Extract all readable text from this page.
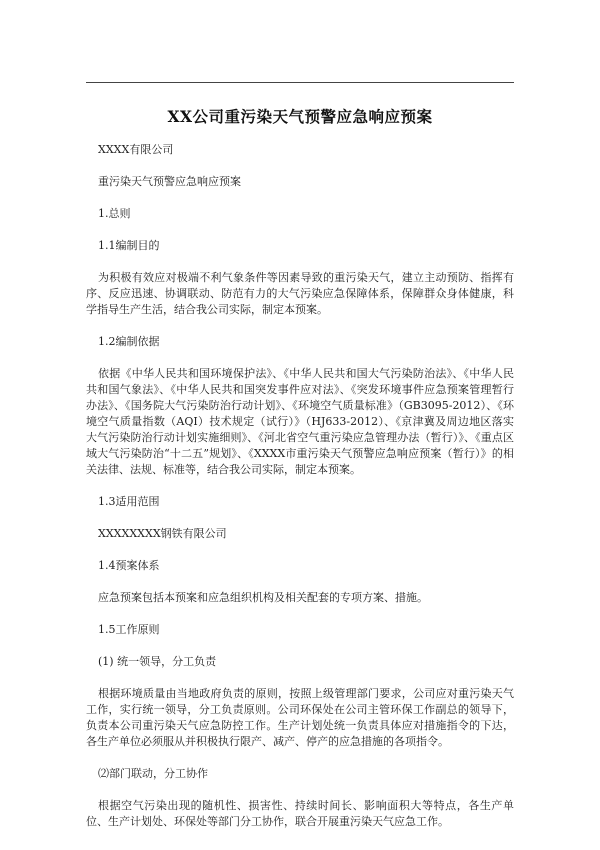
XX公司重污染天气预警应急响应预案

XXXX有限公司

重污染天气预警应急响应预案

1.总则

1.1编制目的

为积极有效应对极端不利气象条件等因素导致的重污染天气，建立主动预防、指挥有序、反应迅速、协调联动、防范有力的大气污染应急保障体系，保障群众身体健康，科学指导生产生活，结合我公司实际，制定本预案。

1.2编制依据

依据《中华人民共和国环境保护法》、《中华人民共和国大气污染防治法》、《中华人民共和国气象法》、《中华人民共和国突发事件应对法》、《突发环境事件应急预案管理暂行办法》、《国务院大气污染防治行动计划》、《环境空气质量标准》（GB3095-2012）、《环境空气质量指数（AQI）技术规定（试行）》（HJ633-2012）、《京津冀及周边地区落实大气污染防治行动计划实施细则》、《河北省空气重污染应急管理办法（暂行）》、《重点区域大气污染防治“十二五”规划》、《XXXX市重污染天气预警应急响应预案（暂行）》的相关法律、法规、标准等，结合我公司实际，制定本预案。

1.3适用范围

XXXXXXXX钢铁有限公司

1.4预案体系

应急预案包括本预案和应急组织机构及相关配套的专项方案、措施。

1.5工作原则

(1) 统一领导，分工负责

根据环境质量由当地政府负责的原则，按照上级管理部门要求，公司应对重污染天气工作，实行统一领导，分工负责原则。公司环保处在公司主管环保工作副总的领导下，负责本公司重污染天气应急防控工作。生产计划处统一负责具体应对措施指令的下达，各生产单位必须服从并积极执行限产、减产、停产的应急措施的各项指令。

⑵部门联动，分工协作

根据空气污染出现的随机性、损害性、持续时间长、影响面积大等特点，各生产单位、生产计划处、环保处等部门分工协作，联合开展重污染天气应急工作。
